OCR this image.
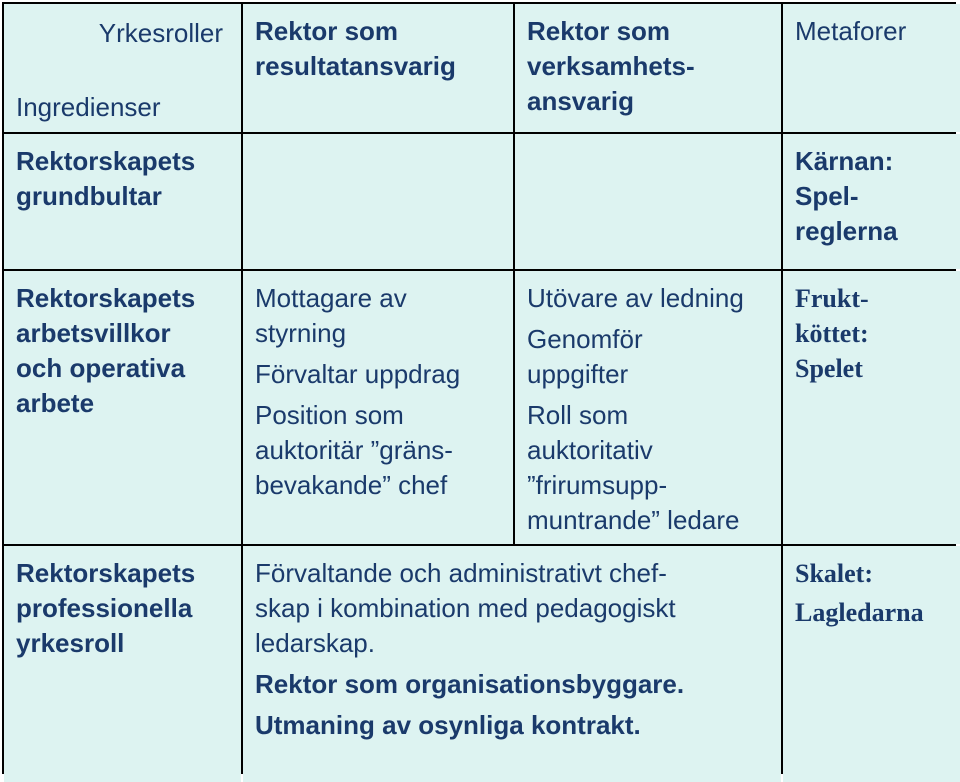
Yrkesroller
Ingredienser
Rektor som
resultatansvarig
Rektor som
verksamhets-
ansvarig
Metaforer
Rektorskapets
grundbultar
Kärnan:
Spel-
reglerna
Rektorskapets
arbetsvillkor
och operativa
arbete

Mottagare av
styrning

Förvaltar uppdrag

Position som
auktoritär ”gräns-
bevakande” chef

Utövare av ledning

Genomför
uppgifter

Roll som
auktoritativ
”frirumsupp-
muntrande” ledare

Frukt-
köttet:
Spelet
Rektorskapets
professionella
yrkesroll

Förvaltande och administrativt chef-
skap i kombination med pedagogiskt
ledarskap.

Rektor som organisationsbyggare.

Utmaning av osynliga kontrakt.

Skalet:
Lagledarna
